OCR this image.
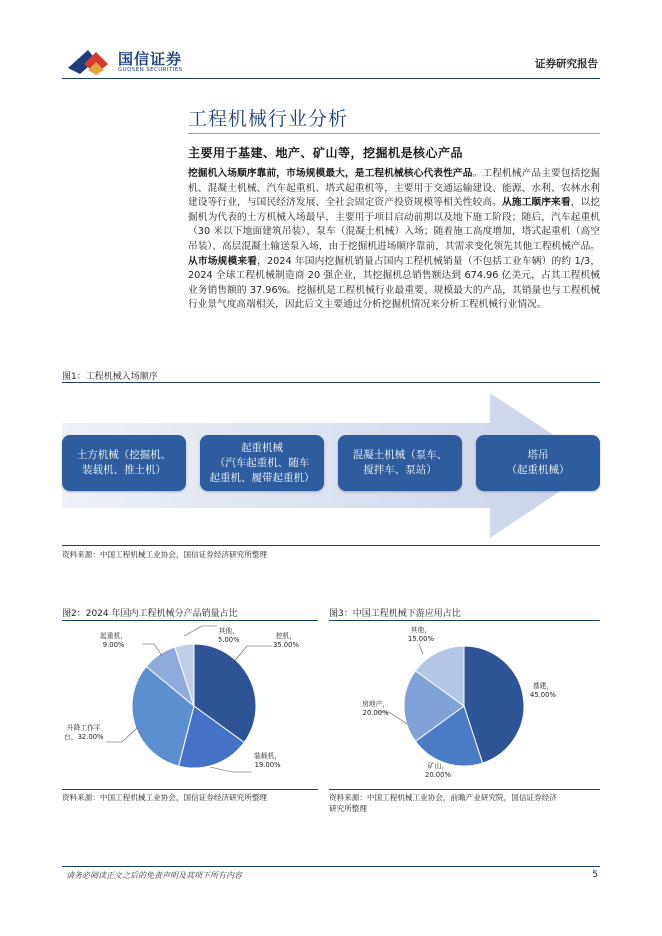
国信证券
GUOSEN SECURITIES	证券研究报告
工程机械行业分析
主要用于基建、地产、矿山等，挖掘机是核心产品
挖掘机入场顺序靠前，市场规模最大，是工程机械核心代表性产品。工程机械产品主要包括挖掘机、混凝土机械、汽车起重机、塔式起重机等，主要用于交通运输建设、能源、水利、农林水利建设等行业，与国民经济发展、全社会固定资产投资规模等相关性较高。从施工顺序来看，以挖掘机为代表的土方机械入场最早，主要用于项目启动前期以及地下施工阶段；随后，汽车起重机（30 米以下地面建筑吊装）、泵车（混凝土机械）入场；随着施工高度增加，塔式起重机（高空吊装）、高层混凝土输送泵入场，由于挖掘机进场顺序靠前，其需求变化领先其他工程机械产品。从市场规模来看，2024 年国内挖掘机销量占国内工程机械销量（不包括工业车辆）的约 1/3，2024 全球工程机械制造商 20 强企业，其挖掘机总销售额达到 674.96 亿美元，占其工程机械业务销售额的 37.96%。挖掘机是工程机械行业最重要、规模最大的产品，其销量也与工程机械行业景气度高端相关，因此后文主要通过分析挖掘机情况来分析工程机械行业情况。
图1：工程机械入场顺序
土方机械（挖掘机、
装载机、推土机）
起重机械
（汽车起重机、随车
起重机、履带起重机）
混凝土机械（泵车、
搅拌车、泵站）
塔吊
（起重机械）
资料来源：中国工程机械工业协会，国信证券经济研究所整理
图2：2024 年国内工程机械分产品销量占比
挖机，
35.00%
装载机，
19.00%
升降工作平
台，32.00%
起重机，
9.00%
其他，
5.00%
资料来源：中国工程机械工业协会，国信证券经济研究所整理
图3：中国工程机械下游应用占比
基建，
45.00%
矿山，
20.00%
房地产，
20.00%
其他，
15.00%
资料来源：中国工程机械工业协会，前瞻产业研究院，国信证券经济
研究所整理
请务必阅读正文之后的免责声明及其项下所有内容	5
